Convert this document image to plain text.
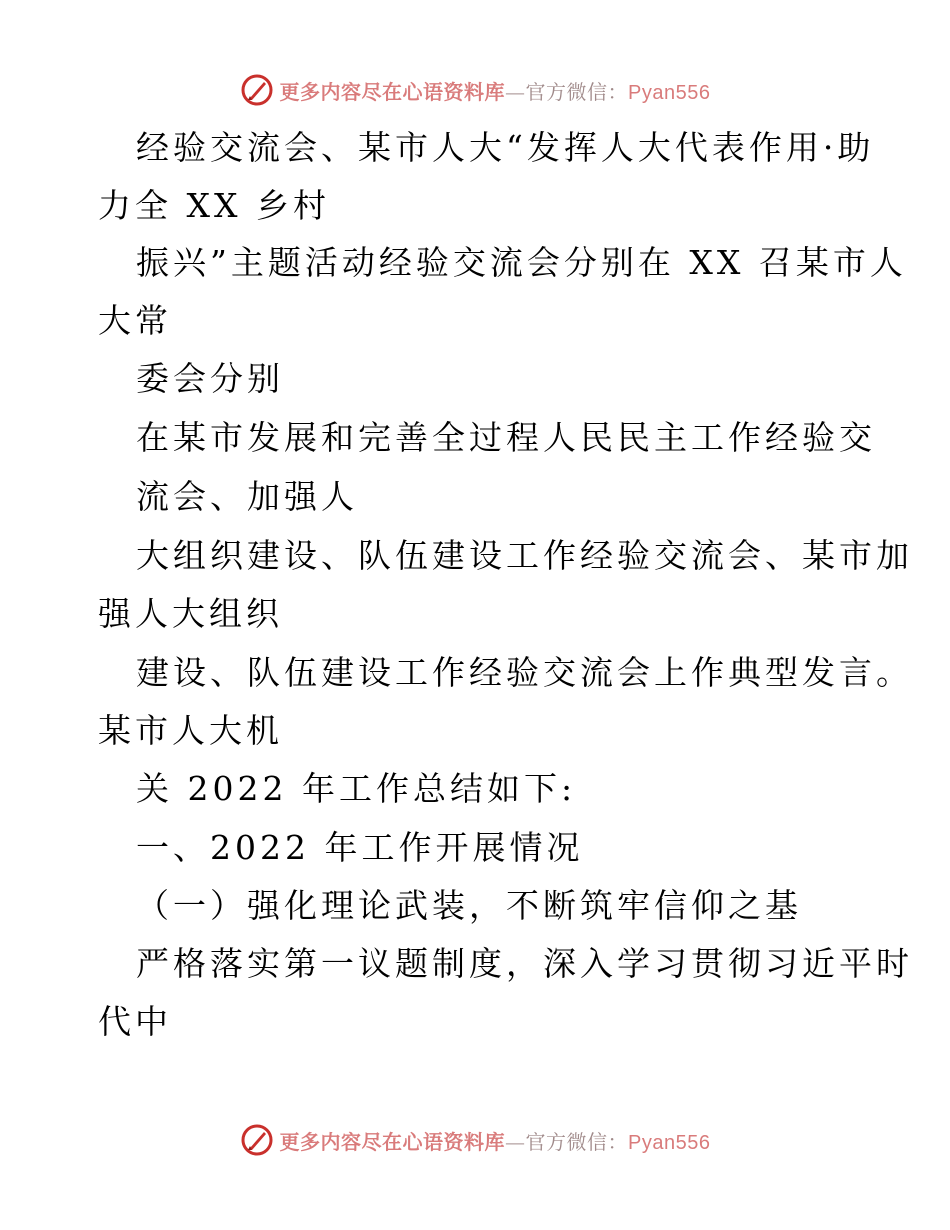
更多内容尽在心语资料库—官方微信：Pyan556

经验交流会、某市人大“发挥人大代表作用·助

力全 XX 乡村

振兴”主题活动经验交流会分别在 XX 召某市人

大常

委会分别

在某市发展和完善全过程人民民主工作经验交

流会、加强人

大组织建设、队伍建设工作经验交流会、某市加

强人大组织

建设、队伍建设工作经验交流会上作典型发言。

某市人大机

关 2022 年工作总结如下:

一、2022 年工作开展情况

（一）强化理论武装，不断筑牢信仰之基

严格落实第一议题制度，深入学习贯彻习近平时

代中

更多内容尽在心语资料库—官方微信：Pyan556
